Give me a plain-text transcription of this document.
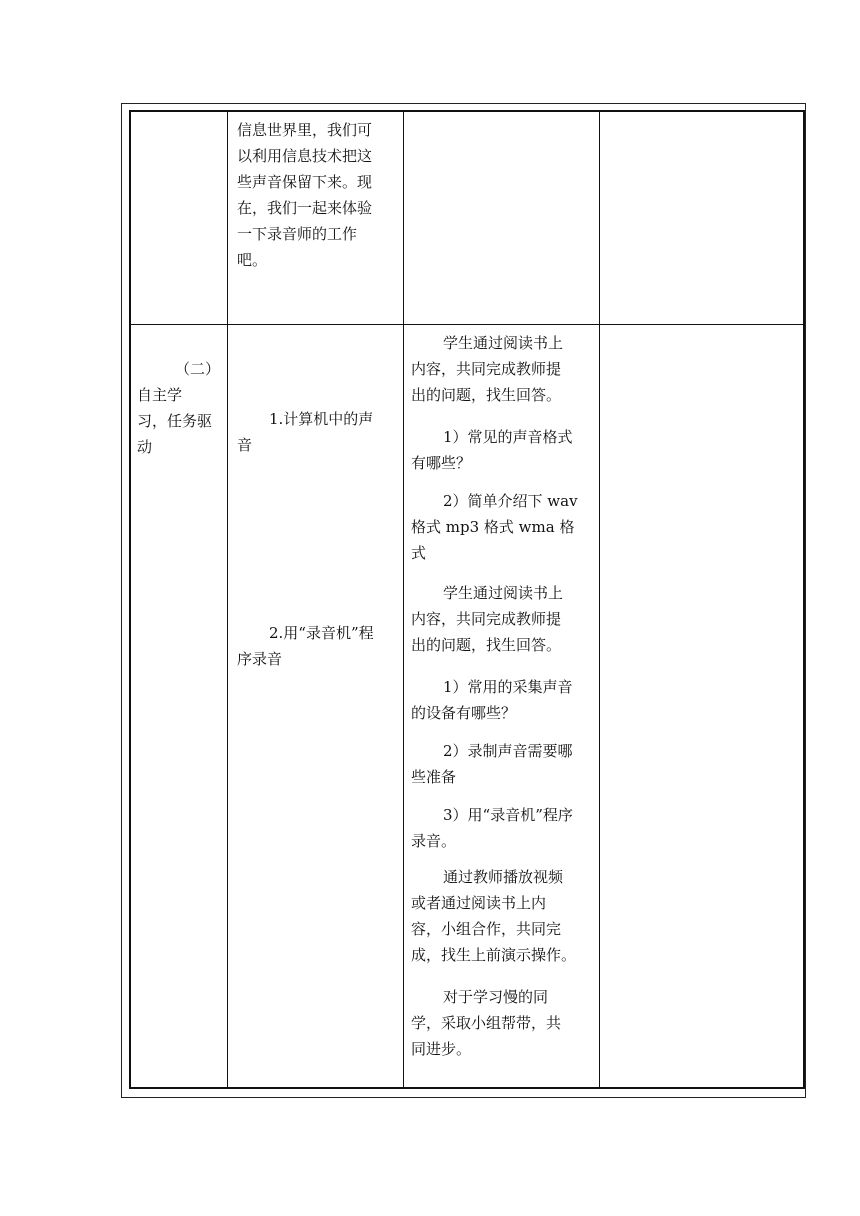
信息世界里，我们可
以利用信息技术把这
些声音保留下来。现
在，我们一起来体验
一下录音师的工作
吧。

（二）
自主学
习，任务驱
动

1.计算机中的声
音
2.用“录音机”程
序录音
学生通过阅读书上
内容，共同完成教师提
出的问题，找生回答。
1）常见的声音格式
有哪些？
2）简单介绍下 wav
格式 mp3 格式 wma 格
式
学生通过阅读书上
内容，共同完成教师提
出的问题，找生回答。
1）常用的采集声音
的设备有哪些？
2）录制声音需要哪
些准备
3）用“录音机”程序
录音。
通过教师播放视频
或者通过阅读书上内
容，小组合作，共同完
成，找生上前演示操作。
对于学习慢的同
学，采取小组帮带，共
同进步。
